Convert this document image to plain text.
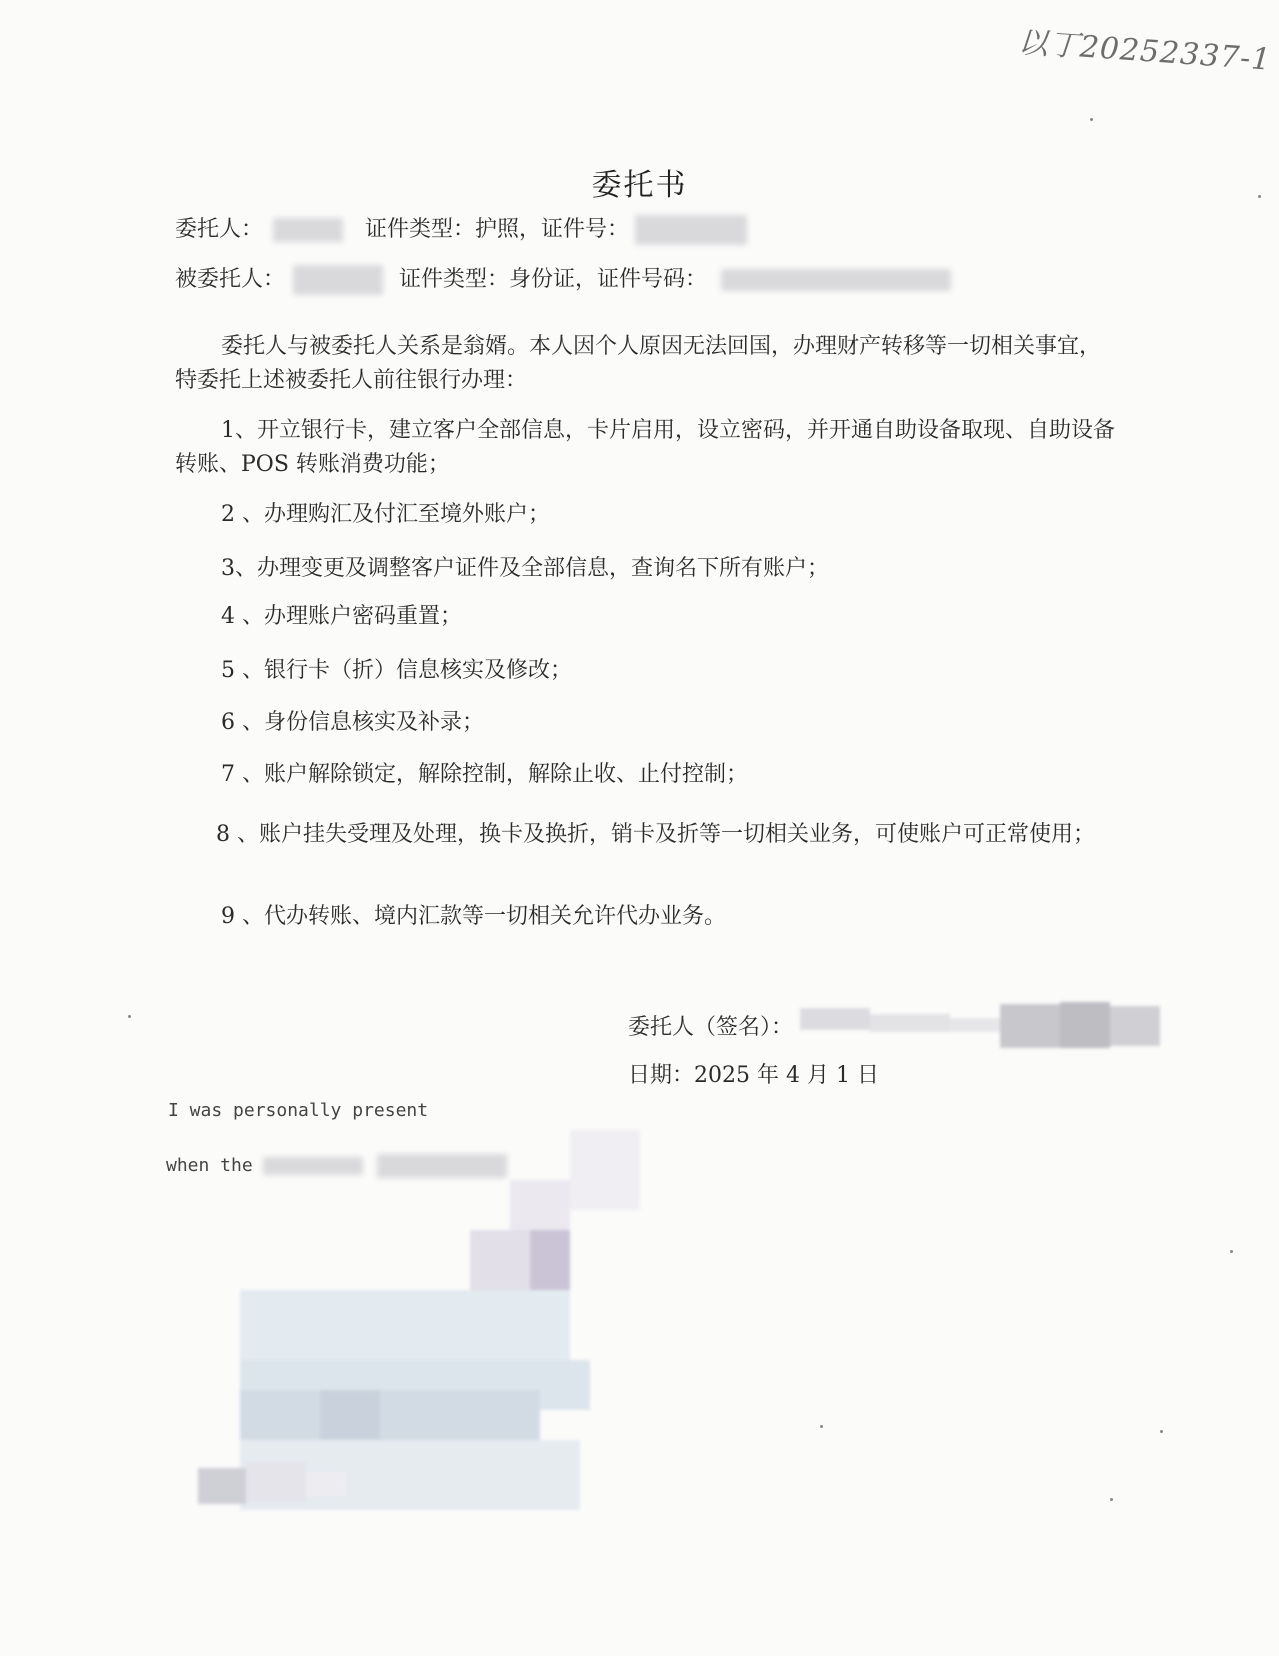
以丁20252337-1
委托书
委托人：	证件类型：护照，证件号：
被委托人：	证件类型：身份证，证件号码：
委托人与被委托人关系是翁婿。本人因个人原因无法回国，办理财产转移等一切相关事宜，特委托上述被委托人前往银行办理：
1、开立银行卡，建立客户全部信息，卡片启用，设立密码，并开通自助设备取现、自助设备转账、POS 转账消费功能；
2 、办理购汇及付汇至境外账户；
3、办理变更及调整客户证件及全部信息，查询名下所有账户；
4 、办理账户密码重置；
5 、银行卡（折）信息核实及修改；
6 、身份信息核实及补录；
7 、账户解除锁定，解除控制，解除止收、止付控制；
8 、账户挂失受理及处理，换卡及换折，销卡及折等一切相关业务，可使账户可正常使用；
9 、代办转账、境内汇款等一切相关允许代办业务。
委托人（签名）：
日期：2025 年 4 月 1 日
I was personally present
when the
